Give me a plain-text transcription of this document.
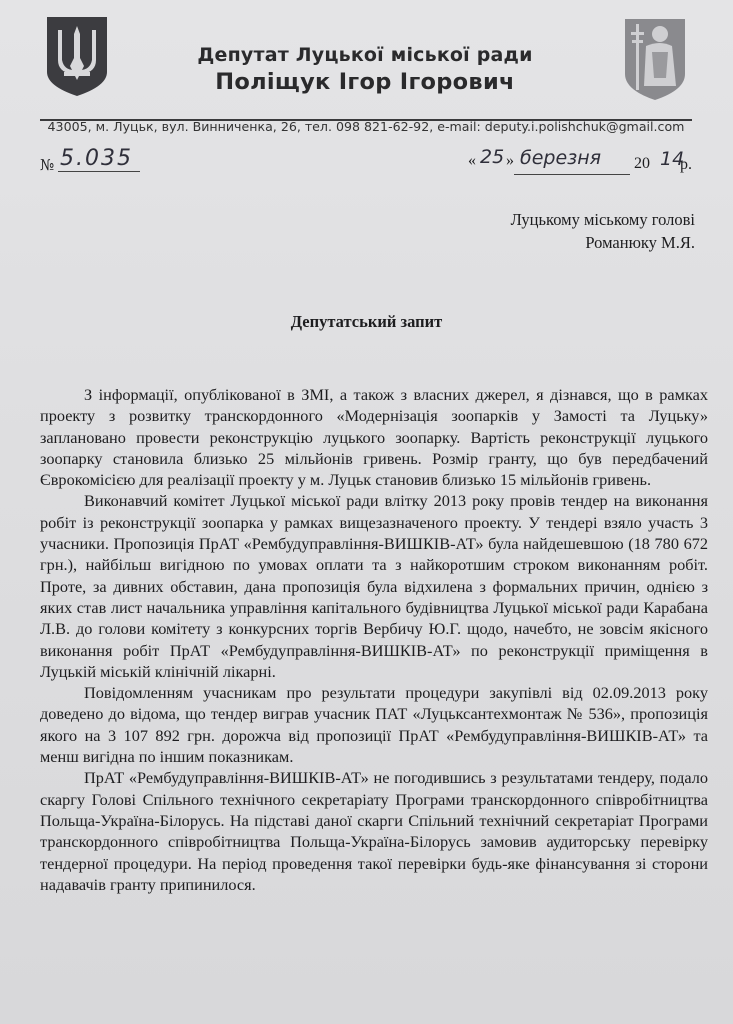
Депутат Луцької міської ради
Поліщук Ігор Ігорович
43005, м. Луцьк, вул. Винниченка, 26, тел. 098 821-62-92, e-mail: deputy.i.polishchuk@gmail.com
№ 5.035	« 25 » березня 20 14
р.
Луцькому міському голові
Романюку М.Я.
Депутатський запит

З інформації, опублікованої в ЗМІ, а також з власних джерел, я дізнався, що в рамках проекту з розвитку транскордонного «Модернізація зоопарків у Замості та Луцьку» заплановано провести реконструкцію луцького зоопарку. Вартість реконструкції луцького зоопарку становила близько 25 мільйонів гривень. Розмір гранту, що був передбачений Єврокомісією для реалізації проекту у м. Луцьк становив близько 15 мільйонів гривень.

Виконавчий комітет Луцької міської ради влітку 2013 року провів тендер на виконання робіт із реконструкції зоопарка у рамках вищезазначеного проекту. У тендері взяло участь 3 учасники. Пропозиція ПрАТ «Рембудуправління-ВИШКІВ-АТ» була найдешевшою (18 780 672 грн.), найбільш вигідною по умовах оплати та з найкоротшим строком виконанням робіт. Проте, за дивних обставин, дана пропозиція була відхилена з формальних причин, однією з яких став лист начальника управління капітального будівництва Луцької міської ради Карабана Л.В. до голови комітету з конкурсних торгів Вербичу Ю.Г. щодо, начебто, не зовсім якісного виконання робіт ПрАТ «Рембудуправління-ВИШКІВ-АТ» по реконструкції приміщення в Луцькій міській клінічній лікарні.

Повідомленням учасникам про результати процедури закупівлі від 02.09.2013 року доведено до відома, що тендер виграв учасник ПАТ «Луцьксантехмонтаж № 536», пропозиція якого на 3 107 892 грн. дорожча від пропозиції ПрАТ «Рембудуправління-ВИШКІВ-АТ» та менш вигідна по іншим показникам.

ПрАТ «Рембудуправління-ВИШКІВ-АТ» не погодившись з результатами тендеру, подало скаргу Голові Спільного технічного секретаріату Програми транскордонного співробітництва Польща-Україна-Білорусь. На підставі даної скарги Спільний технічний секретаріат Програми транскордонного співробітництва Польща-Україна-Білорусь замовив аудиторську перевірку тендерної процедури. На період проведення такої перевірки будь-яке фінансування зі сторони надавачів гранту припинилося.
